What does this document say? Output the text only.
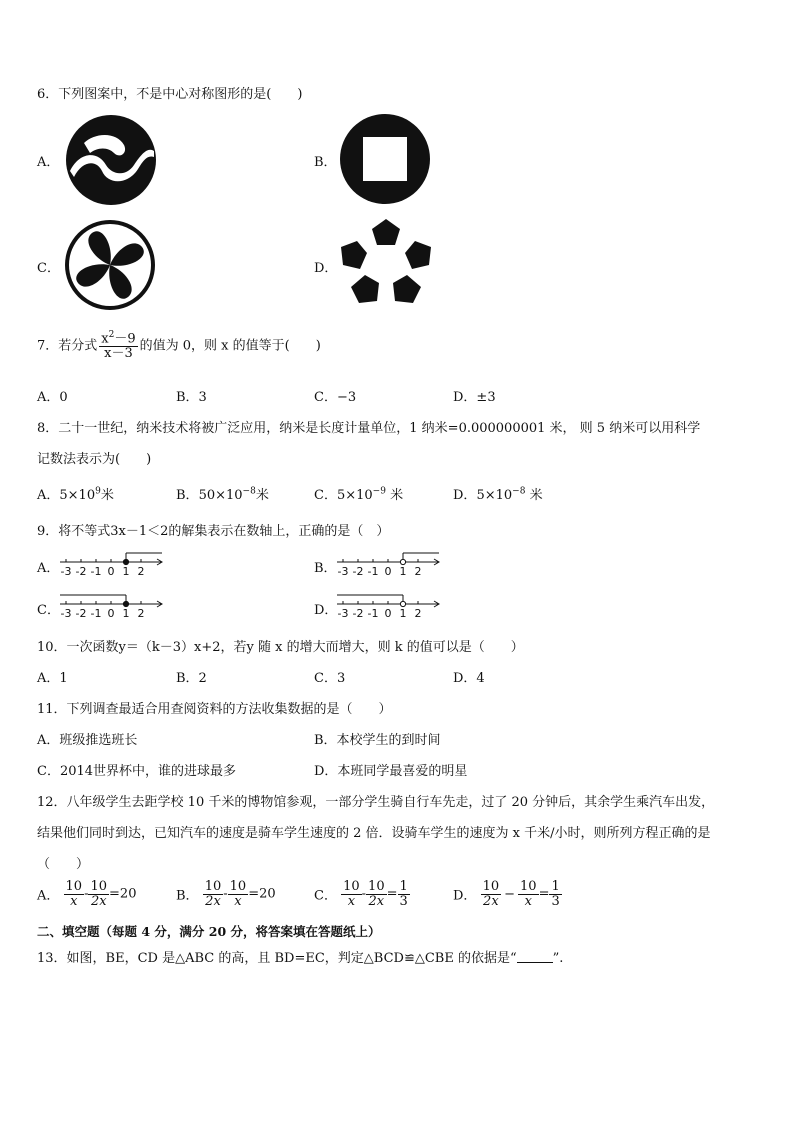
6．下列图案中，不是中心对称图形的是(　　)
A．	B．
C．	D．
7．若分式 $\frac{x^2-9}{x-3}$ 的值为 0，则 x 的值等于(　　)
A．0	B．3	C．−3	D．±3
8．二十一世纪，纳米技术将被广泛应用，纳米是长度计量单位，1 纳米=0.000000001 米， 则 5 纳米可以用科学
记数法表示为(　　)
A．$5\times 10^9$米	B．$50\times 10^{-8}$米	C．$5\times 10^{-9}$ 米	D．$5\times 10^{-8}$ 米
9．将不等式3x－1＜2的解集表示在数轴上，正确的是（　）
A． -3 -2 -1 0 1 2	B． -3 -2 -1 0 1 2
C． -3 -2 -1 0 1 2	D． -3 -2 -1 0 1 2
10．一次函数y＝（k－3）x+2，若y 随 x 的增大而增大，则 k 的值可以是（　　）
A．1	B．2	C．3	D．4
11．下列调查最适合用查阅资料的方法收集数据的是（　　）
A．班级推选班长	B．本校学生的到时间
C．2014世界杯中，谁的进球最多	D．本班同学最喜爱的明星
12．八年级学生去距学校 10 千米的博物馆参观，一部分学生骑自行车先走，过了 20 分钟后，其余学生乘汽车出发，
结果他们同时到达，已知汽车的速度是骑车学生速度的 2 倍．设骑车学生的速度为 x 千米/小时，则所列方程正确的是
（　　）
A． $\frac{10}{x} - \frac{10}{2x} =20$	B． $\frac{10}{2x} - \frac{10}{x} =20$	C． $\frac{10}{x} - \frac{10}{2x} = \frac{1}{3}$	D． $\frac{10}{2x} - \frac{10}{x} = \frac{1}{3}$
二、填空题（每题 4 分，满分 20 分，将答案填在答题纸上）
13．如图，BE，CD 是△ABC 的高，且 BD=EC，判定△BCD≌△CBE 的依据是“	”.
